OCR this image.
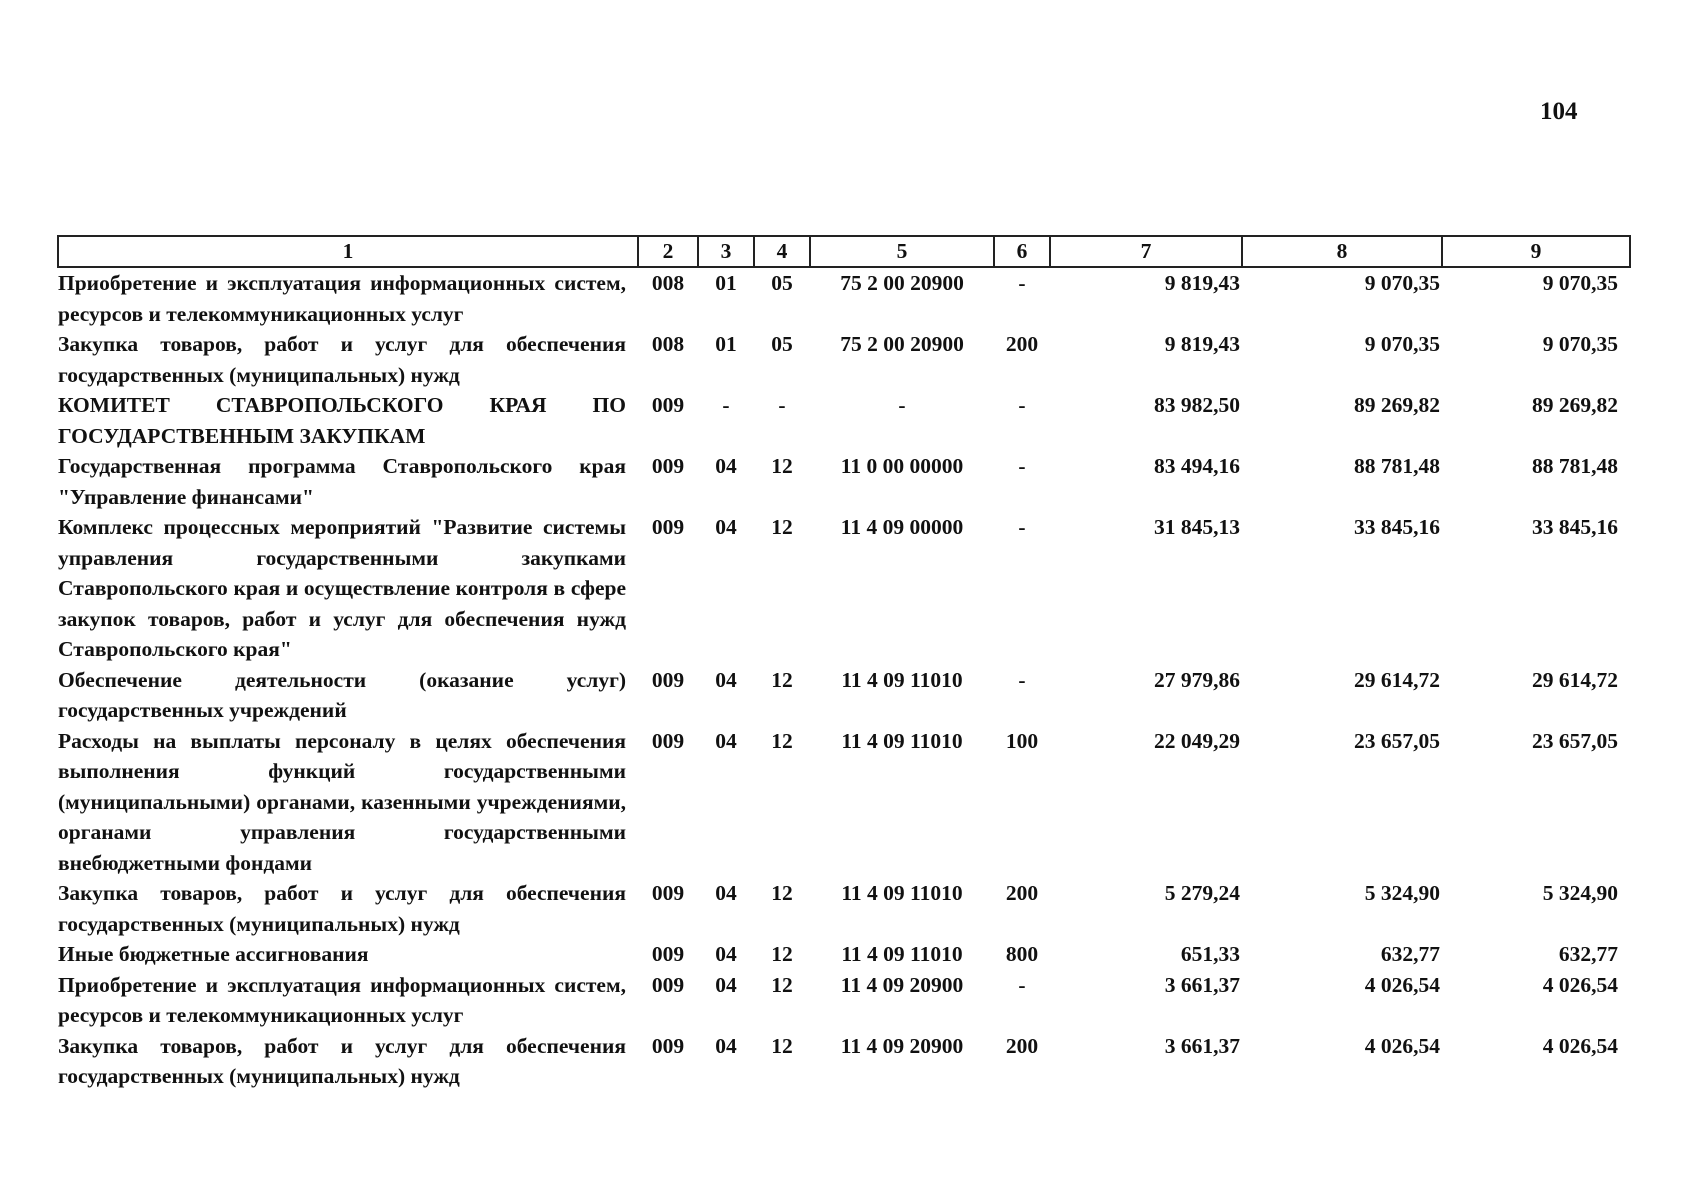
104
1	2	3	4	5	6	7	8	9
Приобретение и эксплуатация информационных систем, ресурсов и телекоммуникационных услуг	008	01	05	75 2 00 20900	-	9 819,43	9 070,35	9 070,35
Закупка товаров, работ и услуг для обеспечения государственных (муниципальных) нужд	008	01	05	75 2 00 20900	200	9 819,43	9 070,35	9 070,35
КОМИТЕТ СТАВРОПОЛЬСКОГО КРАЯ ПО ГОСУДАРСТВЕННЫМ ЗАКУПКАМ	009	-	-	-	-	83 982,50	89 269,82	89 269,82
Государственная программа Ставропольского края "Управление финансами"	009	04	12	11 0 00 00000	-	83 494,16	88 781,48	88 781,48
Комплекс процессных мероприятий "Развитие системы управления государственными закупками Ставропольского края и осуществление контроля в сфере закупок товаров, работ и услуг для обеспечения нужд Ставропольского края"	009	04	12	11 4 09 00000	-	31 845,13	33 845,16	33 845,16
Обеспечение деятельности (оказание услуг) государственных учреждений	009	04	12	11 4 09 11010	-	27 979,86	29 614,72	29 614,72
Расходы на выплаты персоналу в целях обеспечения выполнения функций государственными (муниципальными) органами, казенными учреждениями, органами управления государственными внебюджетными фондами	009	04	12	11 4 09 11010	100	22 049,29	23 657,05	23 657,05
Закупка товаров, работ и услуг для обеспечения государственных (муниципальных) нужд	009	04	12	11 4 09 11010	200	5 279,24	5 324,90	5 324,90
Иные бюджетные ассигнования	009	04	12	11 4 09 11010	800	651,33	632,77	632,77
Приобретение и эксплуатация информационных систем, ресурсов и телекоммуникационных услуг	009	04	12	11 4 09 20900	-	3 661,37	4 026,54	4 026,54
Закупка товаров, работ и услуг для обеспечения государственных (муниципальных) нужд	009	04	12	11 4 09 20900	200	3 661,37	4 026,54	4 026,54
